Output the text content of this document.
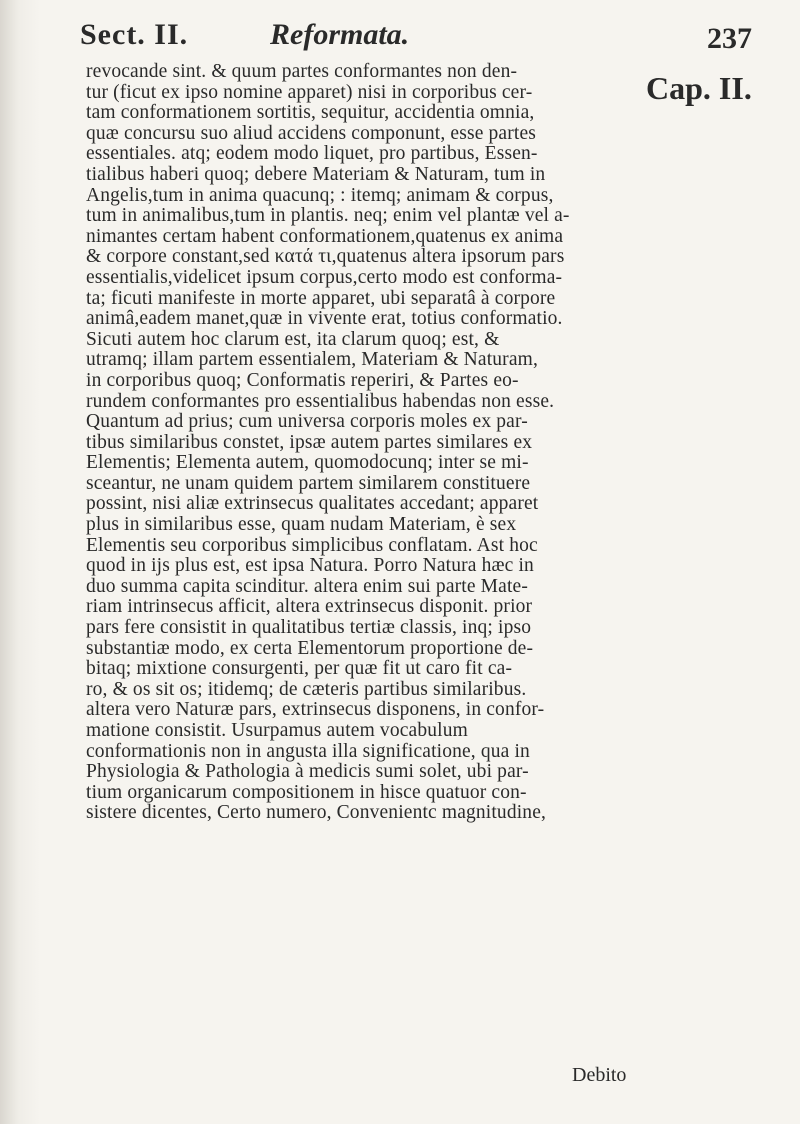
Sect. II.	Reformata.	237
Cap. II.
revocande sint. & quum partes conformantes non den-
tur (ficut ex ipso nomine apparet) nisi in corporibus cer-
tam conformationem sortitis, sequitur, accidentia omnia,
quæ concursu suo aliud accidens componunt, esse partes
essentiales. atq; eodem modo liquet, pro partibus, Essen-
tialibus haberi quoq; debere Materiam & Naturam, tum in
Angelis,tum in anima quacunq; : itemq; animam & corpus,
tum in animalibus,tum in plantis. neq; enim vel plantæ vel a-
nimantes certam habent conformationem,quatenus ex anima
& corpore constant,sed κατά τι,quatenus altera ipsorum pars
essentialis,videlicet ipsum corpus,certo modo est conforma-
ta; ficuti manifeste in morte apparet, ubi separatâ à corpore
animâ,eadem manet,quæ in vivente erat, totius conformatio.
Sicuti autem hoc clarum est, ita clarum quoq; est, &
utramq; illam partem essentialem, Materiam & Naturam,
in corporibus quoq; Conformatis reperiri, & Partes eo-
rundem conformantes pro essentialibus habendas non esse.
Quantum ad prius; cum universa corporis moles ex par-
tibus similaribus constet, ipsæ autem partes similares ex
Elementis; Elementa autem, quomodocunq; inter se mi-
sceantur, ne unam quidem partem similarem constituere
possint, nisi aliæ extrinsecus qualitates accedant; apparet
plus in similaribus esse, quam nudam Materiam, è sex
Elementis seu corporibus simplicibus conflatam. Ast hoc
quod in ijs plus est, est ipsa Natura. Porro Natura hæc in
duo summa capita scinditur. altera enim sui parte Mate-
riam intrinsecus afficit, altera extrinsecus disponit. prior
pars fere consistit in qualitatibus tertiæ classis, inq; ipso
substantiæ modo, ex certa Elementorum proportione de-
bitaq; mixtione consurgenti, per quæ fit ut caro fit ca-
ro, & os sit os; itidemq; de cæteris partibus similaribus.
altera vero Naturæ pars, extrinsecus disponens, in confor-
matione consistit. Usurpamus autem vocabulum
conformationis non in angusta illa significatione, qua in
Physiologia & Pathologia à medicis sumi solet, ubi par-
tium organicarum compositionem in hisce quatuor con-
sistere dicentes, Certo numero, Convenientc magnitudine,
Debito
